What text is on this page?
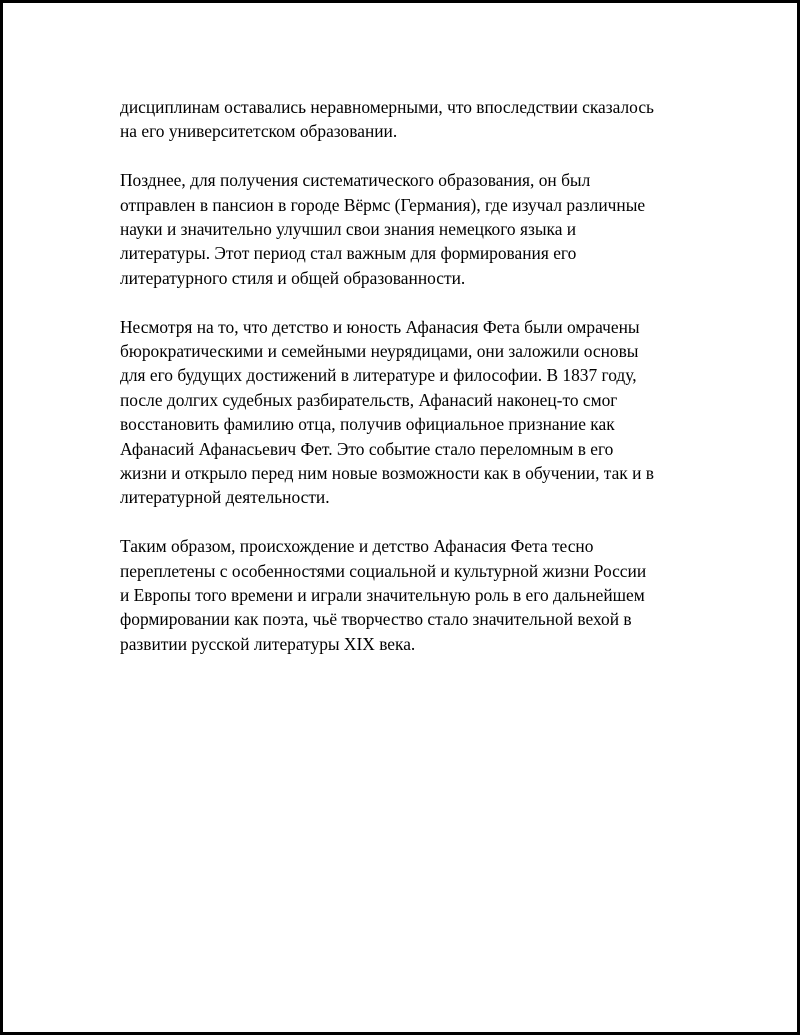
дисциплинам оставались неравномерными, что впоследствии сказалось
на его университетском образовании.

Позднее, для получения систематического образования, он был
отправлен в пансион в городе Вёрмс (Германия), где изучал различные
науки и значительно улучшил свои знания немецкого языка и
литературы. Этот период стал важным для формирования его
литературного стиля и общей образованности.

Несмотря на то, что детство и юность Афанасия Фета были омрачены
бюрократическими и семейными неурядицами, они заложили основы
для его будущих достижений в литературе и философии. В 1837 году,
после долгих судебных разбирательств, Афанасий наконец-то смог
восстановить фамилию отца, получив официальное признание как
Афанасий Афанасьевич Фет. Это событие стало переломным в его
жизни и открыло перед ним новые возможности как в обучении, так и в
литературной деятельности.

Таким образом, происхождение и детство Афанасия Фета тесно
переплетены с особенностями социальной и культурной жизни России
и Европы того времени и играли значительную роль в его дальнейшем
формировании как поэта, чьё творчество стало значительной вехой в
развитии русской литературы XIX века.
